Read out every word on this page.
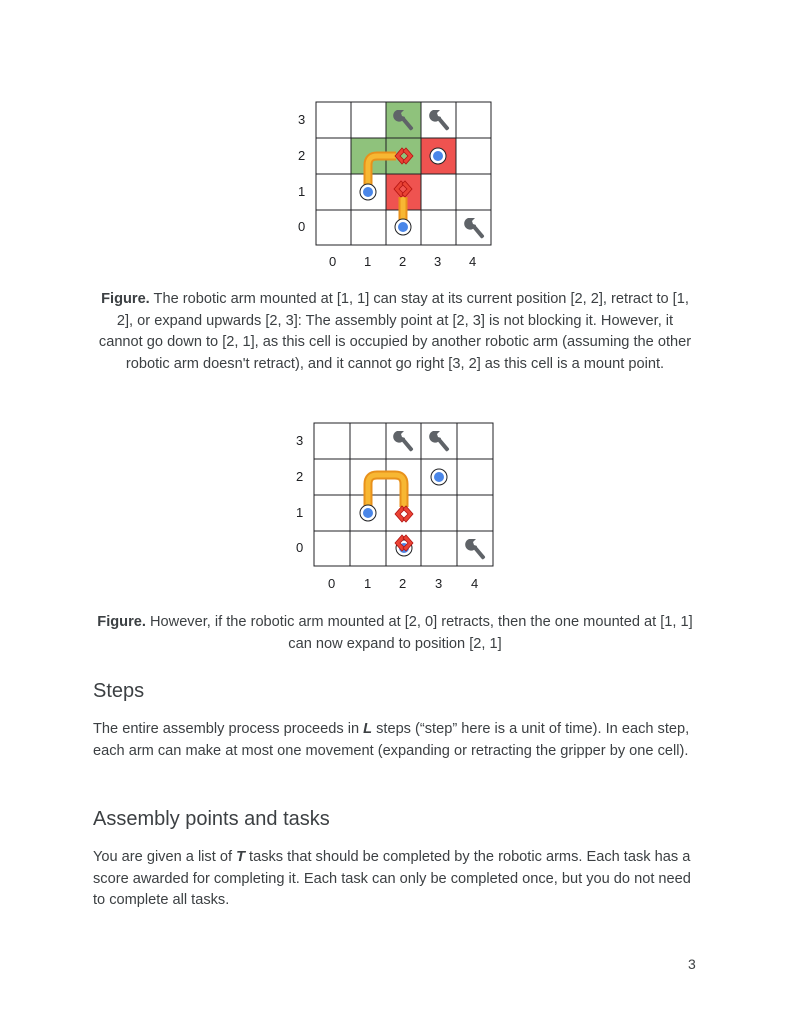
3
2
1
0
0 1 2 3 4
Figure. The robotic arm mounted at [1, 1] can stay at its current position [2, 2], retract to [1, 2], or expand upwards [2, 3]: The assembly point at [2, 3] is not blocking it. However, it cannot go down to [2, 1], as this cell is occupied by another robotic arm (assuming the other robotic arm doesn't retract), and it cannot go right [3, 2] as this cell is a mount point.
3
2
1
0
0 1 2 3 4
Figure. However, if the robotic arm mounted at [2, 0] retracts, then the one mounted at [1, 1] can now expand to position [2, 1]
Steps

The entire assembly process proceeds in L steps (“step” here is a unit of time). In each step, each arm can make at most one movement (expanding or retracting the gripper by one cell).

Assembly points and tasks

You are given a list of T tasks that should be completed by the robotic arms. Each task has a score awarded for completing it. Each task can only be completed once, but you do not need to complete all tasks.

3
